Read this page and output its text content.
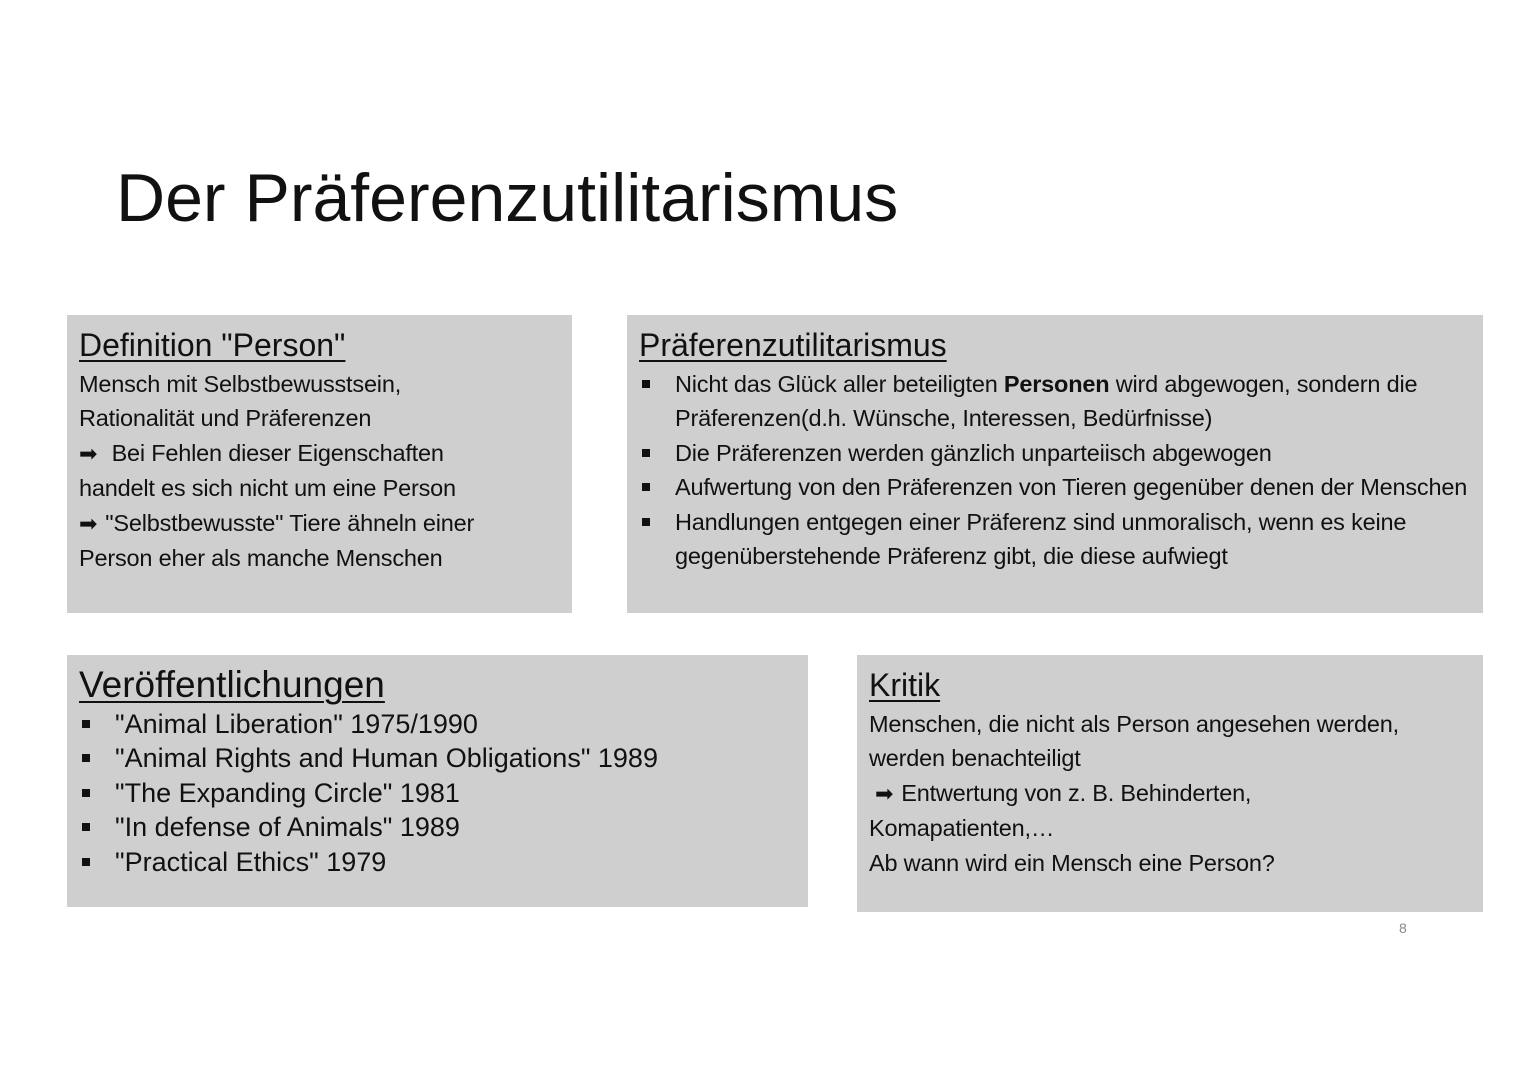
Der Präferenzutilitarismus
Definition "Person"
Mensch mit Selbstbewusstsein,
Rationalität und Präferenzen
➡ Bei Fehlen dieser Eigenschaften
handelt es sich nicht um eine Person
➡ "Selbstbewusste" Tiere ähneln einer
Person eher als manche Menschen
Präferenzutilitarismus
Nicht das Glück aller beteiligten Personen wird abgewogen, sondern die Präferenzen(d.h. Wünsche, Interessen, Bedürfnisse)
Die Präferenzen werden gänzlich unparteiisch abgewogen
Aufwertung von den Präferenzen von Tieren gegenüber denen der Menschen
Handlungen entgegen einer Präferenz sind unmoralisch, wenn es keine gegenüberstehende Präferenz gibt, die diese aufwiegt
Veröffentlichungen
"Animal Liberation" 1975/1990
"Animal Rights and Human Obligations" 1989
"The Expanding Circle" 1981
"In defense of Animals" 1989
"Practical Ethics" 1979
Kritik
Menschen, die nicht als Person angesehen werden,
werden benachteiligt
➡ Entwertung von z. B. Behinderten,
Komapatienten,…
Ab wann wird ein Mensch eine Person?
8
